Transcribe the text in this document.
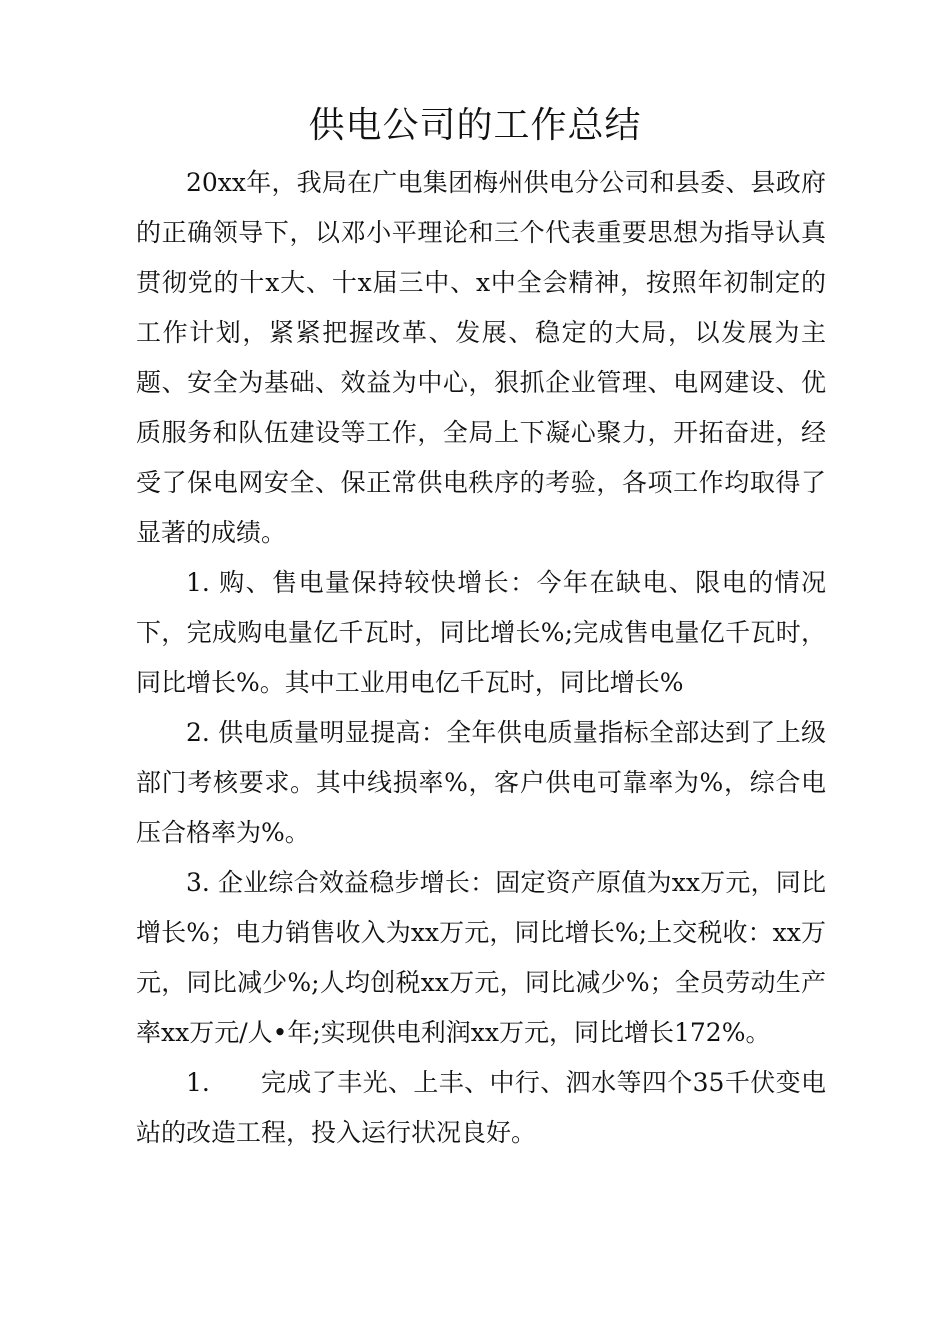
供电公司的工作总结

20xx年，我局在广电集团梅州供电分公司和县委、县政府的正确领导下，以邓小平理论和三个代表重要思想为指导认真贯彻党的十x大、十x届三中、x中全会精神，按照年初制定的工作计划，紧紧把握改革、发展、稳定的大局，以发展为主题、安全为基础、效益为中心，狠抓企业管理、电网建设、优质服务和队伍建设等工作，全局上下凝心聚力，开拓奋进，经受了保电网安全、保正常供电秩序的考验，各项工作均取得了显著的成绩。

1. 购、售电量保持较快增长：今年在缺电、限电的情况下，完成购电量亿千瓦时，同比增长%;完成售电量亿千瓦时，同比增长%。其中工业用电亿千瓦时，同比增长%

2. 供电质量明显提高：全年供电质量指标全部达到了上级部门考核要求。其中线损率%，客户供电可靠率为%，综合电压合格率为%。

3. 企业综合效益稳步增长：固定资产原值为xx万元，同比增长%；电力销售收入为xx万元，同比增长%;上交税收：xx万元，同比减少%;人均创税xx万元，同比减少%；全员劳动生产率xx万元/人•年;实现供电利润xx万元，同比增长172%。

1.　　完成了丰光、上丰、中行、泗水等四个35千伏变电站的改造工程，投入运行状况良好。
